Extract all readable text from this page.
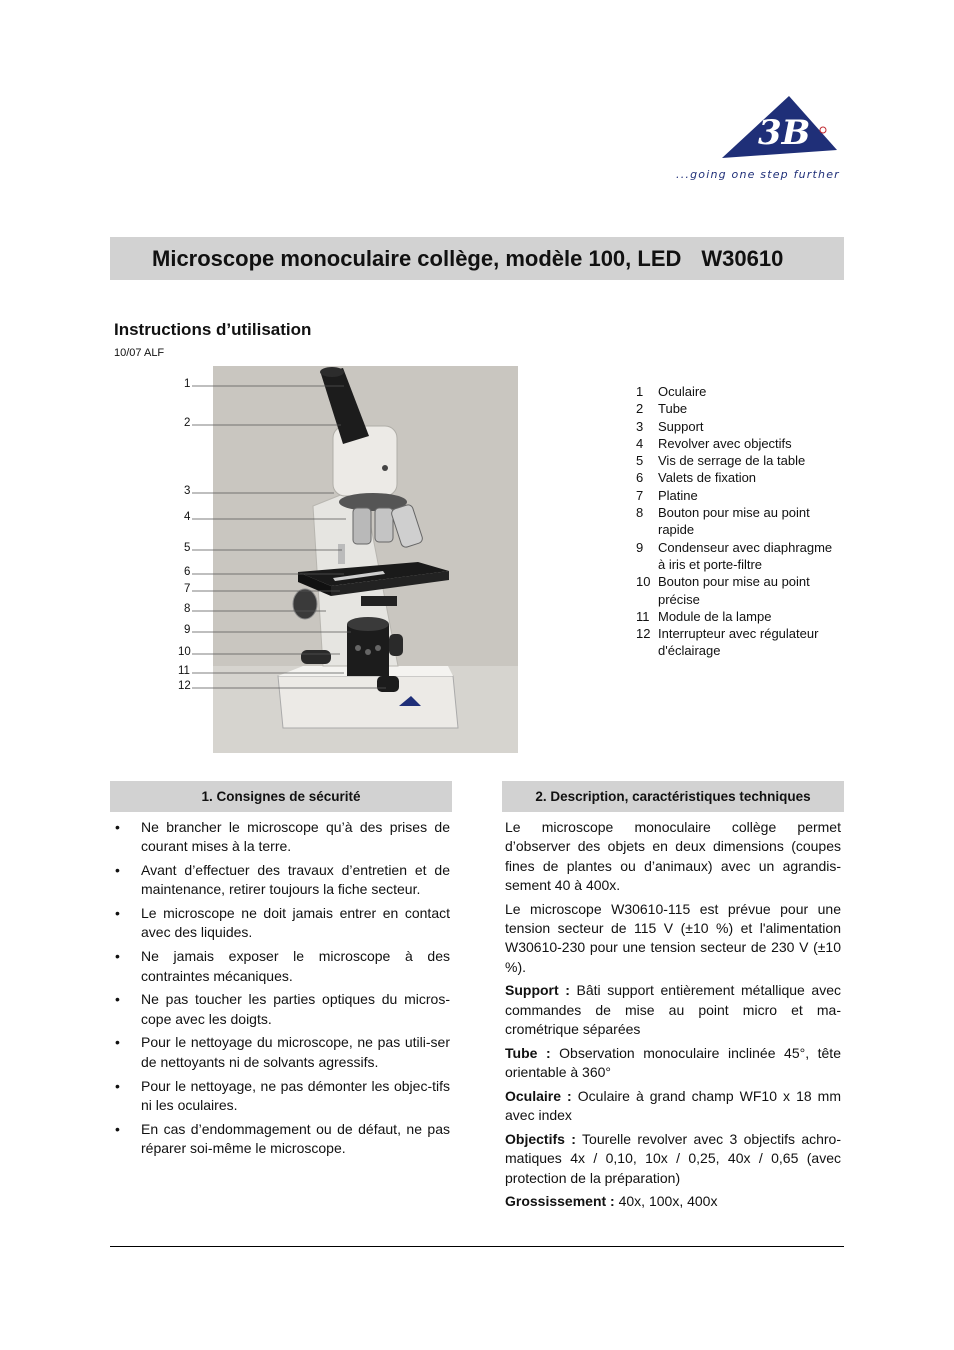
3B
...going one step further
Microscope monoculaire collège, modèle 100, LED W30610
Instructions d’utilisation
10/07 ALF
1
2
3
4
5
6
7
8
9
10
11
12
1	Oculaire
2	Tube
3	Support
4	Revolver avec objectifs
5	Vis de serrage de la table
6	Valets de fixation
7	Platine
8	Bouton pour mise au point rapide
9	Condenseur avec diaphragme à iris et porte-filtre
10 Bouton pour mise au point précise
11 Module de la lampe
12 Interrupteur avec régulateur d'éclairage
1. Consignes de sécurité
• Ne brancher le microscope qu’à des prises de courant mises à la terre.
• Avant d’effectuer des travaux d’entretien et de maintenance, retirer toujours la fiche secteur.
• Le microscope ne doit jamais entrer en contact avec des liquides.
• Ne jamais exposer le microscope à des contraintes mécaniques.
• Ne pas toucher les parties optiques du micros-cope avec les doigts.
• Pour le nettoyage du microscope, ne pas utili-ser de nettoyants ni de solvants agressifs.
• Pour le nettoyage, ne pas démonter les objec-tifs ni les oculaires.
• En cas d’endommagement ou de défaut, ne pas réparer soi-même le microscope.
2. Description, caractéristiques techniques

Le microscope monoculaire collège permet d’observer des objets en deux dimensions (coupes fines de plantes ou d’animaux) avec un agrandis-sement 40 à 400x.

Le microscope W30610-115 est prévue pour une tension secteur de 115 V (±10 %) et l'alimentation W30610-230 pour une tension secteur de 230 V (±10 %).

Support : Bâti support entièrement métallique avec commandes de mise au point micro et ma-crométrique séparées

Tube : Observation monoculaire inclinée 45°, tête orientable à 360°

Oculaire : Oculaire à grand champ WF10 x 18 mm avec index

Objectifs : Tourelle revolver avec 3 objectifs achro-matiques 4x / 0,10, 10x / 0,25, 40x / 0,65 (avec protection de la préparation)

Grossissement : 40x, 100x, 400x
